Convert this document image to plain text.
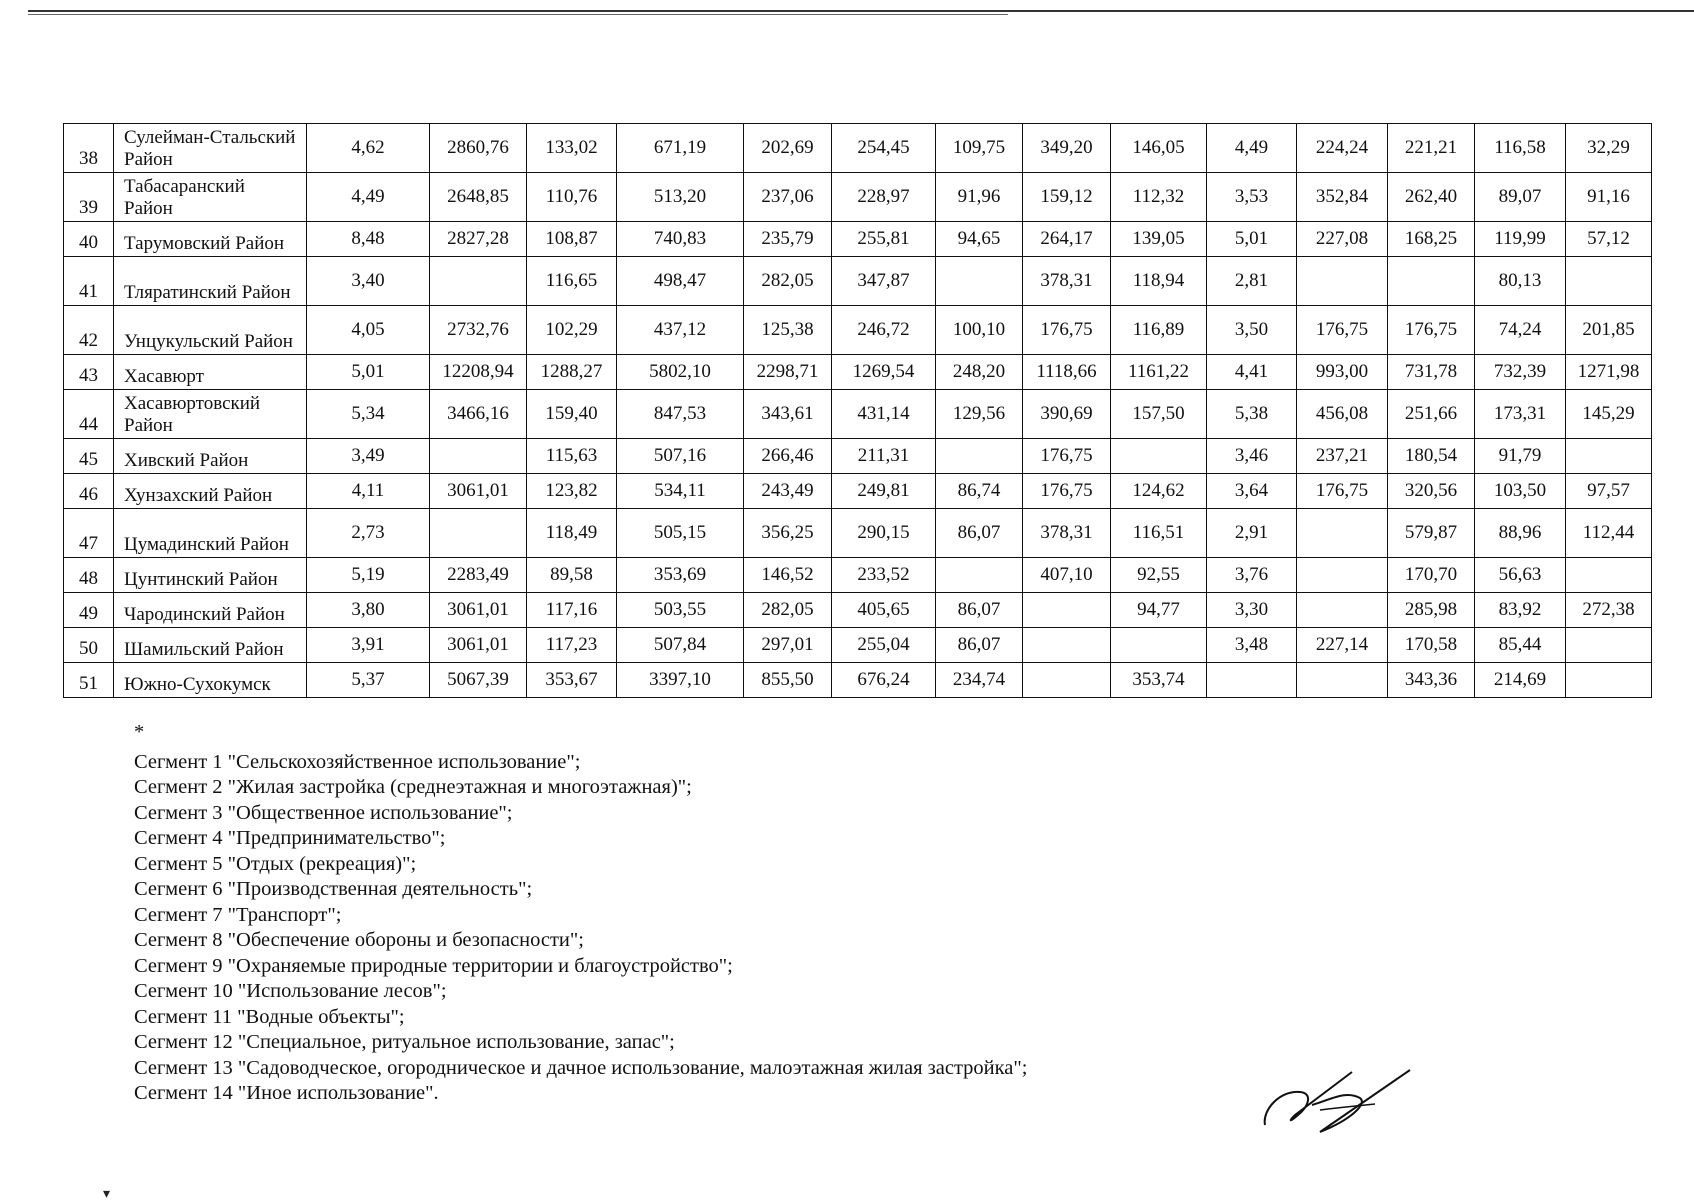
38	Сулейман-Стальский Район	4,62	2860,76	133,02	671,19	202,69	254,45	109,75	349,20	146,05	4,49	224,24	221,21	116,58	32,29
39	Табасаранский Район	4,49	2648,85	110,76	513,20	237,06	228,97	91,96	159,12	112,32	3,53	352,84	262,40	89,07	91,16
40	Тарумовский Район	8,48	2827,28	108,87	740,83	235,79	255,81	94,65	264,17	139,05	5,01	227,08	168,25	119,99	57,12
41	Тляратинский Район	3,40		116,65	498,47	282,05	347,87		378,31	118,94	2,81			80,13	
42	Унцукульский Район	4,05	2732,76	102,29	437,12	125,38	246,72	100,10	176,75	116,89	3,50	176,75	176,75	74,24	201,85
43	Хасавюрт	5,01	12208,94	1288,27	5802,10	2298,71	1269,54	248,20	1118,66	1161,22	4,41	993,00	731,78	732,39	1271,98
44	Хасавюртовский Район	5,34	3466,16	159,40	847,53	343,61	431,14	129,56	390,69	157,50	5,38	456,08	251,66	173,31	145,29
45	Хивский Район	3,49		115,63	507,16	266,46	211,31		176,75		3,46	237,21	180,54	91,79	
46	Хунзахский Район	4,11	3061,01	123,82	534,11	243,49	249,81	86,74	176,75	124,62	3,64	176,75	320,56	103,50	97,57
47	Цумадинский Район	2,73		118,49	505,15	356,25	290,15	86,07	378,31	116,51	2,91		579,87	88,96	112,44
48	Цунтинский Район	5,19	2283,49	89,58	353,69	146,52	233,52		407,10	92,55	3,76		170,70	56,63	
49	Чародинский Район	3,80	3061,01	117,16	503,55	282,05	405,65	86,07		94,77	3,30		285,98	83,92	272,38
50	Шамильский Район	3,91	3061,01	117,23	507,84	297,01	255,04	86,07			3,48	227,14	170,58	85,44	
51	Южно-Сухокумск	5,37	5067,39	353,67	3397,10	855,50	676,24	234,74		353,74			343,36	214,69	
*
Сегмент 1 "Сельскохозяйственное использование";
Сегмент 2 "Жилая застройка (среднеэтажная и многоэтажная)";
Сегмент 3 "Общественное использование";
Сегмент 4 "Предпринимательство";
Сегмент 5 "Отдых (рекреация)";
Сегмент 6 "Производственная деятельность";
Сегмент 7 "Транспорт";
Сегмент 8 "Обеспечение обороны и безопасности";
Сегмент 9 "Охраняемые природные территории и благоустройство";
Сегмент 10 "Использование лесов";
Сегмент 11 "Водные объекты";
Сегмент 12 "Специальное, ритуальное использование, запас";
Сегмент 13 "Садоводческое, огородническое и дачное использование, малоэтажная жилая застройка";
Сегмент 14 "Иное использование".
▾
